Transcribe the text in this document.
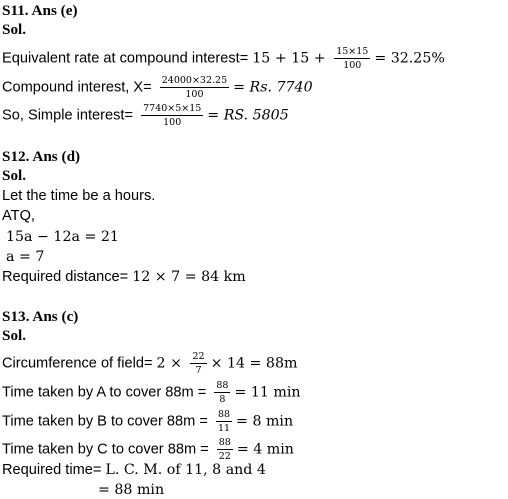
S11. Ans (e)
Sol.
Equivalent rate at compound interest= $15 + 15 + \frac{15\times 15}{100} = 32.25\%$
Compound interest, $X= \frac{24000\times 32.25}{100} = Rs$. 7740
So, Simple interest= $\frac{7740\times 5\times 15}{100}$ = RS. 5805
S12. Ans (d)
Sol.
Let the time be a hours.
ATQ,
15a − 12a = 21
a = 7
Required distance= 12 × 7 = 84 km
S13. Ans (c)
Sol.
Circumference of field= $2 \times \frac{22}{7} \times 14 = 88m$
Time taken by A to cover $88m = \frac{88}{8} = 11$ min
Time taken by B to cover $88m = \frac{88}{11} = 8$ min
Time taken by C to cover $88m = \frac{88}{22} = 4$ min
Required time= L. C. M. of 11, 8 and 4
= 88 min
